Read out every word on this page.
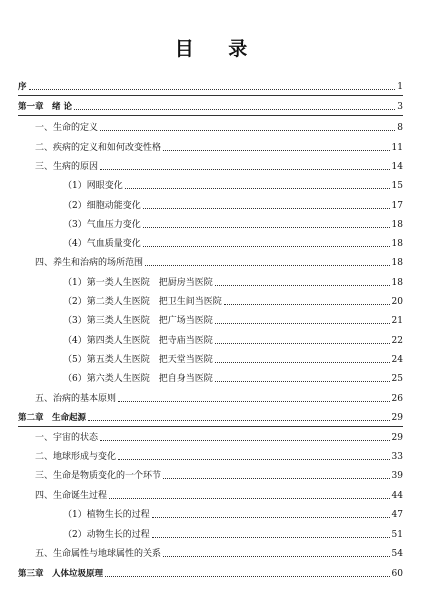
目 录
序	1
第一章　绪 论	3
一、生命的定义	8
二、疾病的定义和如何改变性格	11
三、生病的原因	14
（1）网眼变化	15
（2）细胞动能变化	17
（3）气血压力变化	18
（4）气血质量变化	18
四、养生和治病的场所范围	18
（1）第一类人生医院　把厨房当医院	18
（2）第二类人生医院　把卫生间当医院	20
（3）第三类人生医院　把广场当医院	21
（4）第四类人生医院　把寺庙当医院	22
（5）第五类人生医院　把天堂当医院	24
（6）第六类人生医院　把自身当医院	25
五、治病的基本原则	26
第二章　生命起源	29
一、宇宙的状态	29
二、地球形成与变化	33
三、生命是物质变化的一个环节	39
四、生命诞生过程	44
（1）植物生长的过程	47
（2）动物生长的过程	51
五、生命属性与地球属性的关系	54
第三章　人体垃圾原理	60
